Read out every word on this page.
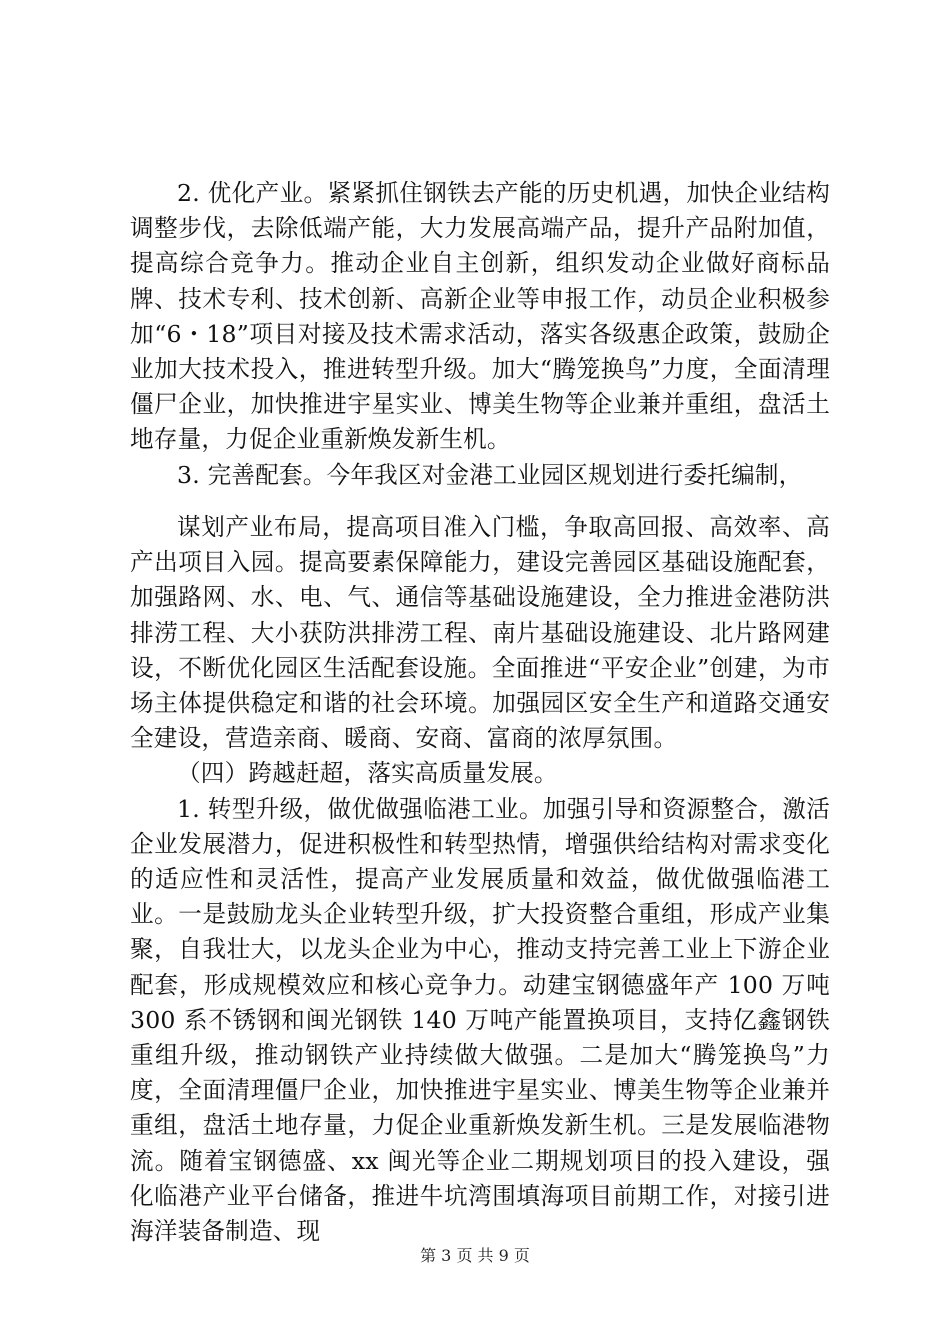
2. 优化产业。紧紧抓住钢铁去产能的历史机遇，加快企业结构调整步伐，去除低端产能，大力发展高端产品，提升产品附加值，提高综合竞争力。推动企业自主创新，组织发动企业做好商标品牌、技术专利、技术创新、高新企业等申报工作，动员企业积极参加“6・18”项目对接及技术需求活动，落实各级惠企政策，鼓励企业加大技术投入，推进转型升级。加大“腾笼换鸟”力度，全面清理僵尸企业，加快推进宇星实业、博美生物等企业兼并重组，盘活土地存量，力促企业重新焕发新生机。

3. 完善配套。今年我区对金港工业园区规划进行委托编制，

谋划产业布局，提高项目准入门槛，争取高回报、高效率、高产出项目入园。提高要素保障能力，建设完善园区基础设施配套，加强路网、水、电、气、通信等基础设施建设，全力推进金港防洪排涝工程、大小获防洪排涝工程、南片基础设施建设、北片路网建设，不断优化园区生活配套设施。全面推进“平安企业”创建，为市场主体提供稳定和谐的社会环境。加强园区安全生产和道路交通安全建设，营造亲商、暖商、安商、富商的浓厚氛围。

（四）跨越赶超，落实高质量发展。

1. 转型升级，做优做强临港工业。加强引导和资源整合，激活企业发展潜力，促进积极性和转型热情，增强供给结构对需求变化的适应性和灵活性，提高产业发展质量和效益，做优做强临港工业。一是鼓励龙头企业转型升级，扩大投资整合重组，形成产业集聚，自我壮大，以龙头企业为中心，推动支持完善工业上下游企业配套，形成规模效应和核心竞争力。动建宝钢德盛年产 100 万吨 300 系不锈钢和闽光钢铁 140 万吨产能置换项目，支持亿鑫钢铁重组升级，推动钢铁产业持续做大做强。二是加大“腾笼换鸟”力度，全面清理僵尸企业，加快推进宇星实业、博美生物等企业兼并重组，盘活土地存量，力促企业重新焕发新生机。三是发展临港物流。随着宝钢德盛、xx 闽光等企业二期规划项目的投入建设，强化临港产业平台储备，推进牛坑湾围填海项目前期工作，对接引进海洋装备制造、现

第 3 页 共 9 页
